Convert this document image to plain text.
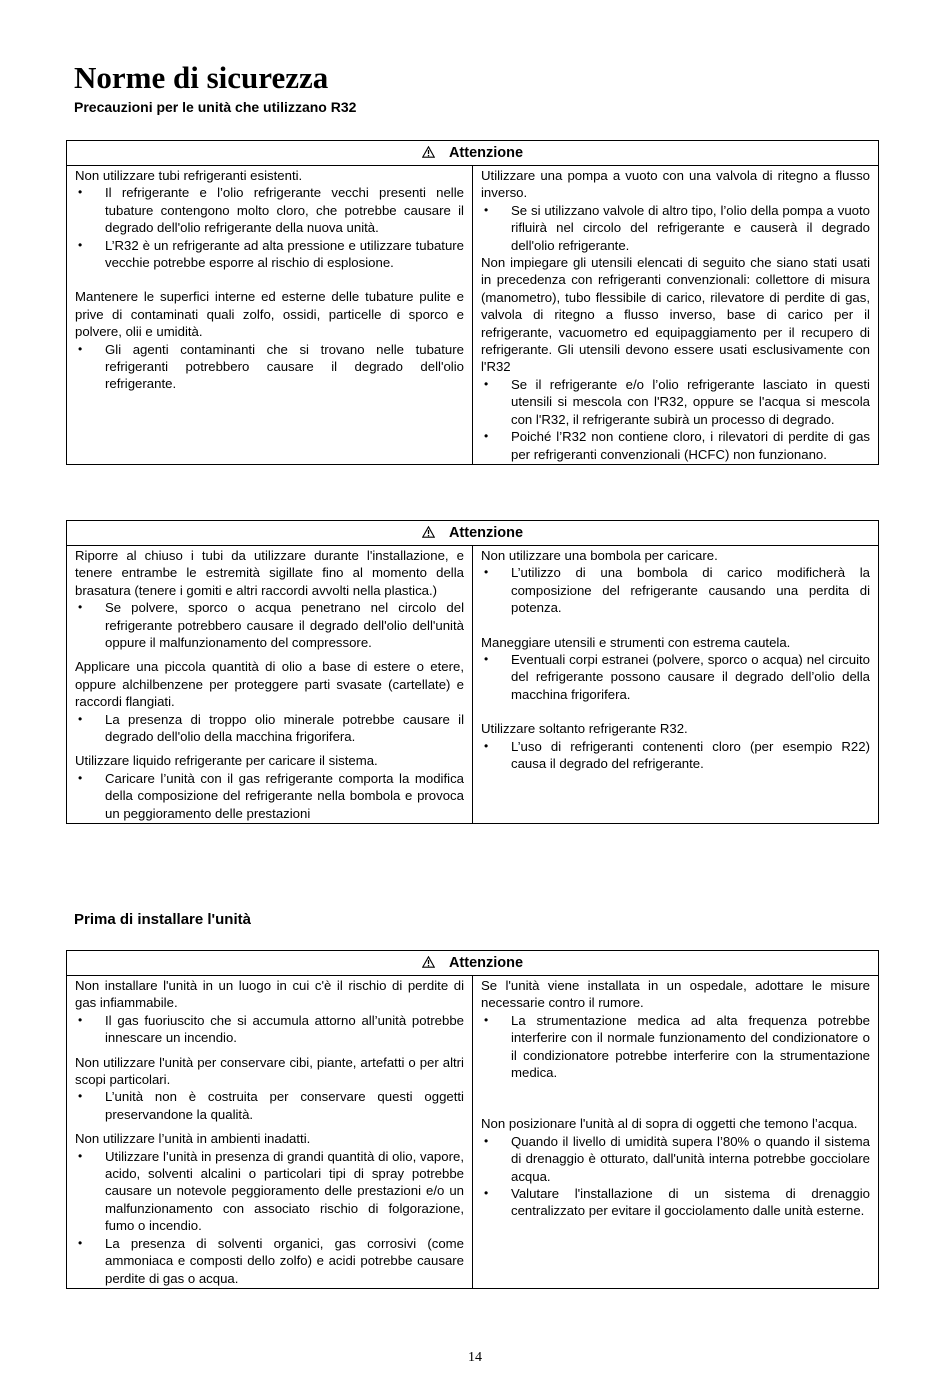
Norme di sicurezza
Precauzioni per le unità che utilizzano R32
Attenzione

Non utilizzare tubi refrigeranti esistenti.

• Il refrigerante e l’olio refrigerante vecchi presenti nelle tubature contengono molto cloro, che potrebbe causare il degrado dell'olio refrigerante della nuova unità.
• L’R32 è un refrigerante ad alta pressione e utilizzare tubature vecchie potrebbe esporre al rischio di esplosione.

Mantenere le superfici interne ed esterne delle tubature pulite e prive di contaminati quali zolfo, ossidi, particelle di sporco e polvere, olii e umidità.

• Gli agenti contaminanti che si trovano nelle tubature refrigeranti potrebbero causare il degrado dell'olio refrigerante.

Utilizzare una pompa a vuoto con una valvola di ritegno a flusso inverso.

• Se si utilizzano valvole di altro tipo, l’olio della pompa a vuoto rifluirà nel circolo del refrigerante e causerà il degrado dell'olio refrigerante.

Non impiegare gli utensili elencati di seguito che siano stati usati in precedenza con refrigeranti convenzionali: collettore di misura (manometro), tubo flessibile di carico, rilevatore di perdite di gas, valvola di ritegno a flusso inverso, base di carico per il refrigerante, vacuometro ed equipaggiamento per il recupero di refrigerante. Gli utensili devono essere usati esclusivamente con l'R32

• Se il refrigerante e/o l’olio refrigerante lasciato in questi utensili si mescola con l'R32, oppure se l'acqua si mescola con l'R32, il refrigerante subirà un processo di degrado.
• Poiché l’R32 non contiene cloro, i rilevatori di perdite di gas per refrigeranti convenzionali (HCFC) non funzionano.
Attenzione

Riporre al chiuso i tubi da utilizzare durante l'installazione, e tenere entrambe le estremità sigillate fino al momento della brasatura (tenere i gomiti e altri raccordi avvolti nella plastica.)

• Se polvere, sporco o acqua penetrano nel circolo del refrigerante potrebbero causare il degrado dell'olio dell'unità oppure il malfunzionamento del compressore.

Applicare una piccola quantità di olio a base di estere o etere, oppure alchilbenzene per proteggere parti svasate (cartellate) e raccordi flangiati.

• La presenza di troppo olio minerale potrebbe causare il degrado dell'olio della macchina frigorifera.

Utilizzare liquido refrigerante per caricare il sistema.

• Caricare l’unità con il gas refrigerante comporta la modifica della composizione del refrigerante nella bombola e provoca un peggioramento delle prestazioni

Non utilizzare una bombola per caricare.

• L’utilizzo di una bombola di carico modificherà la composizione del refrigerante causando una perdita di potenza.

Maneggiare utensili e strumenti con estrema cautela.

• Eventuali corpi estranei (polvere, sporco o acqua) nel circuito del refrigerante possono causare il degrado dell’olio della macchina frigorifera.

Utilizzare soltanto refrigerante R32.

• L’uso di refrigeranti contenenti cloro (per esempio R22) causa il degrado del refrigerante.
Prima di installare l'unità
Attenzione

Non installare l'unità in un luogo in cui c'è il rischio di perdite di gas infiammabile.

• Il gas fuoriuscito che si accumula attorno all’unità potrebbe innescare un incendio.

Non utilizzare l'unità per conservare cibi, piante, artefatti o per altri scopi particolari.

• L’unità non è costruita per conservare questi oggetti preservandone la qualità.

Non utilizzare l’unità in ambienti inadatti.

• Utilizzare l’unità in presenza di grandi quantità di olio, vapore, acido, solventi alcalini o particolari tipi di spray potrebbe causare un notevole peggioramento delle prestazioni e/o un malfunzionamento con associato rischio di folgorazione, fumo o incendio.
• La presenza di solventi organici, gas corrosivi (come ammoniaca e composti dello zolfo) e acidi potrebbe causare perdite di gas o acqua.

Se l'unità viene installata in un ospedale, adottare le misure necessarie contro il rumore.

• La strumentazione medica ad alta frequenza potrebbe interferire con il normale funzionamento del condizionatore o il condizionatore potrebbe interferire con la strumentazione medica.

Non posizionare l'unità al di sopra di oggetti che temono l’acqua.

• Quando il livello di umidità supera l’80% o quando il sistema di drenaggio è otturato, dall'unità interna potrebbe gocciolare acqua.
• Valutare l'installazione di un sistema di drenaggio centralizzato per evitare il gocciolamento dalle unità esterne.
14
